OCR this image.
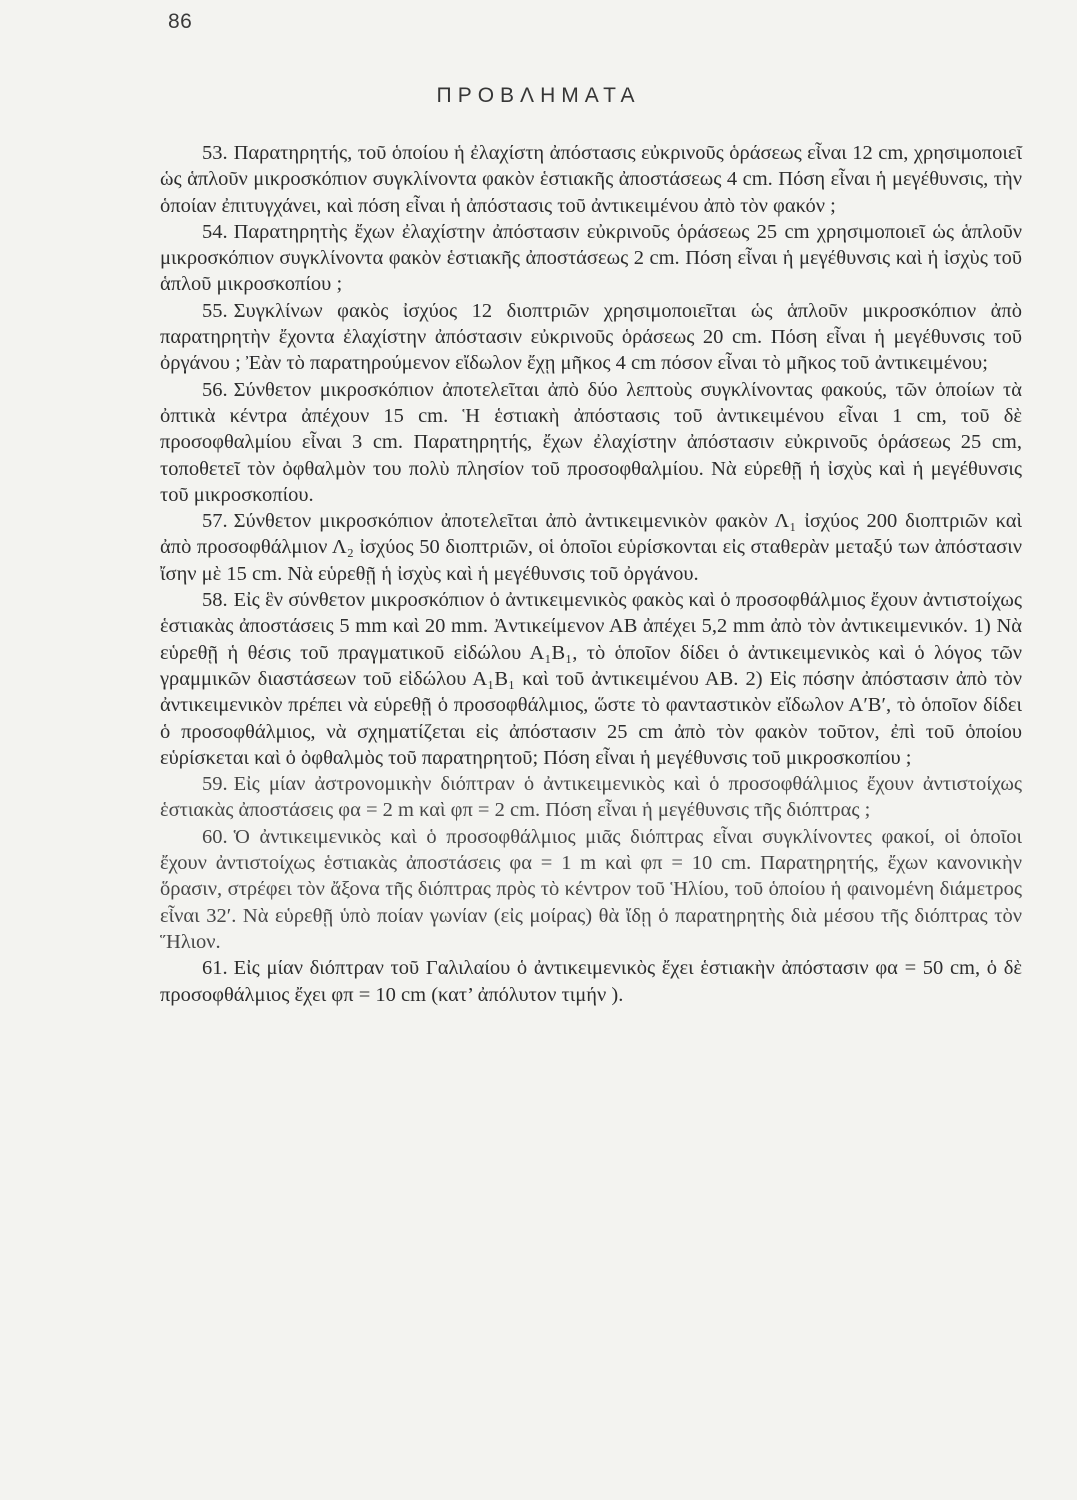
86
ΠΡΟΒΛΗΜΑΤΑ

53. Παρατηρητής, τοῦ ὁποίου ἡ ἐλαχίστη ἀπόστασις εὐκρινοῦς ὁράσεως εἶναι 12 cm, χρησιμοποιεῖ ὡς ἁπλοῦν μικροσκόπιον συγκλίνοντα φακὸν ἑστιακῆς ἀποστάσεως 4 cm. Πόση εἶναι ἡ μεγέθυνσις, τὴν ὁποίαν ἐπιτυγχάνει, καὶ πόση εἶναι ἡ ἀπόστασις τοῦ ἀντικειμένου ἀπὸ τὸν φακόν ;

54. Παρατηρητὴς ἔχων ἐλαχίστην ἀπόστασιν εὐκρινοῦς ὁράσεως 25 cm χρησιμοποιεῖ ὡς ἁπλοῦν μικροσκόπιον συγκλίνοντα φακὸν ἑστιακῆς ἀποστάσεως 2 cm. Πόση εἶναι ἡ μεγέθυνσις καὶ ἡ ἰσχὺς τοῦ ἁπλοῦ μικροσκοπίου ;

55. Συγκλίνων φακὸς ἰσχύος 12 διοπτριῶν χρησιμοποιεῖται ὡς ἁπλοῦν μικροσκόπιον ἀπὸ παρατηρητὴν ἔχοντα ἐλαχίστην ἀπόστασιν εὐκρινοῦς ὁράσεως 20 cm. Πόση εἶναι ἡ μεγέθυνσις τοῦ ὀργάνου ; Ἐὰν τὸ παρατηρούμενον εἴδωλον ἔχῃ μῆκος 4 cm πόσον εἶναι τὸ μῆκος τοῦ ἀντικειμένου;

56. Σύνθετον μικροσκόπιον ἀποτελεῖται ἀπὸ δύο λεπτοὺς συγκλίνοντας φακούς, τῶν ὁποίων τὰ ὀπτικὰ κέντρα ἀπέχουν 15 cm. Ἡ ἑστιακὴ ἀπόστασις τοῦ ἀντικειμένου εἶναι 1 cm, τοῦ δὲ προσοφθαλμίου εἶναι 3 cm. Παρατηρητής, ἔχων ἐλαχίστην ἀπόστασιν εὐκρινοῦς ὁράσεως 25 cm, τοποθετεῖ τὸν ὀφθαλμὸν του πολὺ πλησίον τοῦ προσοφθαλμίου. Νὰ εὑρεθῇ ἡ ἰσχὺς καὶ ἡ μεγέθυνσις τοῦ μικροσκοπίου.

57. Σύνθετον μικροσκόπιον ἀποτελεῖται ἀπὸ ἀντικειμενικὸν φακὸν Λ₁ ἰσχύος 200 διοπτριῶν καὶ ἀπὸ προσοφθάλμιον Λ₂ ἰσχύος 50 διοπτριῶν, οἱ ὁποῖοι εὑρίσκονται εἰς σταθερὰν μεταξύ των ἀπόστασιν ἴσην μὲ 15 cm. Νὰ εὑρεθῇ ἡ ἰσχὺς καὶ ἡ μεγέθυνσις τοῦ ὀργάνου.

58. Εἰς ἓν σύνθετον μικροσκόπιον ὁ ἀντικειμενικὸς φακὸς καὶ ὁ προσοφθάλμιος ἔχουν ἀντιστοίχως ἑστιακὰς ἀποστάσεις 5 mm καὶ 20 mm. Ἀντικείμενον ΑΒ ἀπέχει 5,2 mm ἀπὸ τὸν ἀντικειμενικόν. 1) Νὰ εὑρεθῇ ἡ θέσις τοῦ πραγματικοῦ εἰδώλου Α₁Β₁, τὸ ὁποῖον δίδει ὁ ἀντικειμενικὸς καὶ ὁ λόγος τῶν γραμμικῶν διαστάσεων τοῦ εἰδώλου Α₁Β₁ καὶ τοῦ ἀντικειμένου ΑΒ. 2) Εἰς πόσην ἀπόστασιν ἀπὸ τὸν ἀντικειμενικὸν πρέπει νὰ εὑρεθῇ ὁ προσοφθάλμιος, ὥστε τὸ φανταστικὸν εἴδωλον Α′Β′, τὸ ὁποῖον δίδει ὁ προσοφθάλμιος, νὰ σχηματίζεται εἰς ἀπόστασιν 25 cm ἀπὸ τὸν φακὸν τοῦτον, ἐπὶ τοῦ ὁποίου εὑρίσκεται καὶ ὁ ὀφθαλμὸς τοῦ παρατηρητοῦ; Πόση εἶναι ἡ μεγέθυνσις τοῦ μικροσκοπίου ;

59. Εἰς μίαν ἀστρονομικὴν διόπτραν ὁ ἀντικειμενικὸς καὶ ὁ προσοφθάλμιος ἔχουν ἀντιστοίχως ἑστιακὰς ἀποστάσεις φα = 2 m καὶ φπ = 2 cm. Πόση εἶναι ἡ μεγέθυνσις τῆς διόπτρας ;

60. Ὁ ἀντικειμενικὸς καὶ ὁ προσοφθάλμιος μιᾶς διόπτρας εἶναι συγκλίνοντες φακοί, οἱ ὁποῖοι ἔχουν ἀντιστοίχως ἑστιακὰς ἀποστάσεις φα = 1 m καὶ φπ = 10 cm. Παρατηρητής, ἔχων κανονικὴν ὅρασιν, στρέφει τὸν ἄξονα τῆς διόπτρας πρὸς τὸ κέντρον τοῦ Ἡλίου, τοῦ ὁποίου ἡ φαινομένη διάμετρος εἶναι 32′. Νὰ εὑρεθῇ ὑπὸ ποίαν γωνίαν (εἰς μοίρας) θὰ ἴδῃ ὁ παρατηρητὴς διὰ μέσου τῆς διόπτρας τὸν Ἥλιον.

61. Εἰς μίαν διόπτραν τοῦ Γαλιλαίου ὁ ἀντικειμενικὸς ἔχει ἑστιακὴν ἀπόστασιν φα = 50 cm, ὁ δὲ προσοφθάλμιος ἔχει φπ = 10 cm (κατ’ ἀπόλυτον τιμήν ).
